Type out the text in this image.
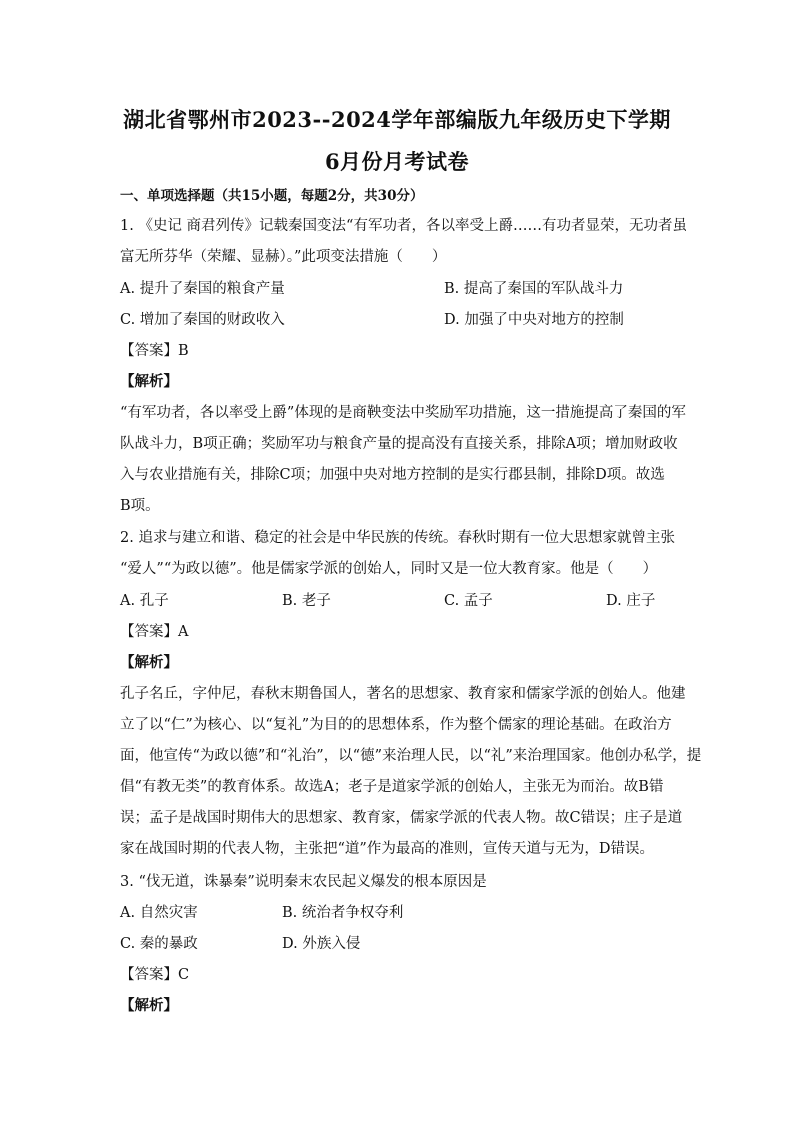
湖北省鄂州市2023--2024学年部编版九年级历史下学期
6月份月考试卷
一、单项选择题（共15小题，每题2分，共30分）
1. 《史记 商君列传》记载秦国变法“有军功者，各以率受上爵……有功者显荣，无功者虽
富无所芬华（荣耀、显赫）。”此项变法措施（　　）
A. 提升了秦国的粮食产量	B. 提高了秦国的军队战斗力
C. 增加了秦国的财政收入	D. 加强了中央对地方的控制
【答案】B
【解析】
“有军功者，各以率受上爵”体现的是商鞅变法中奖励军功措施，这一措施提高了秦国的军
队战斗力，B项正确；奖励军功与粮食产量的提高没有直接关系，排除A项；增加财政收
入与农业措施有关，排除C项；加强中央对地方控制的是实行郡县制，排除D项。故选
B项。
2. 追求与建立和谐、稳定的社会是中华民族的传统。春秋时期有一位大思想家就曾主张
“爱人”“为政以德”。他是儒家学派的创始人，同时又是一位大教育家。他是（　　）
A. 孔子	B. 老子	C. 孟子	D. 庄子
【答案】A
【解析】
孔子名丘，字仲尼，春秋末期鲁国人，著名的思想家、教育家和儒家学派的创始人。他建
立了以“仁”为核心、以“复礼”为目的的思想体系，作为整个儒家的理论基础。在政治方
面，他宣传“为政以德”和“礼治”，以“德”来治理人民，以“礼”来治理国家。他创办私学，提
倡“有教无类”的教育体系。故选A；老子是道家学派的创始人，主张无为而治。故B错
误；孟子是战国时期伟大的思想家、教育家，儒家学派的代表人物。故C错误；庄子是道
家在战国时期的代表人物，主张把“道”作为最高的准则，宣传天道与无为，D错误。
3. “伐无道，诛暴秦”说明秦末农民起义爆发的根本原因是
A. 自然灾害	B. 统治者争权夺利
C. 秦的暴政	D. 外族入侵
【答案】C
【解析】
